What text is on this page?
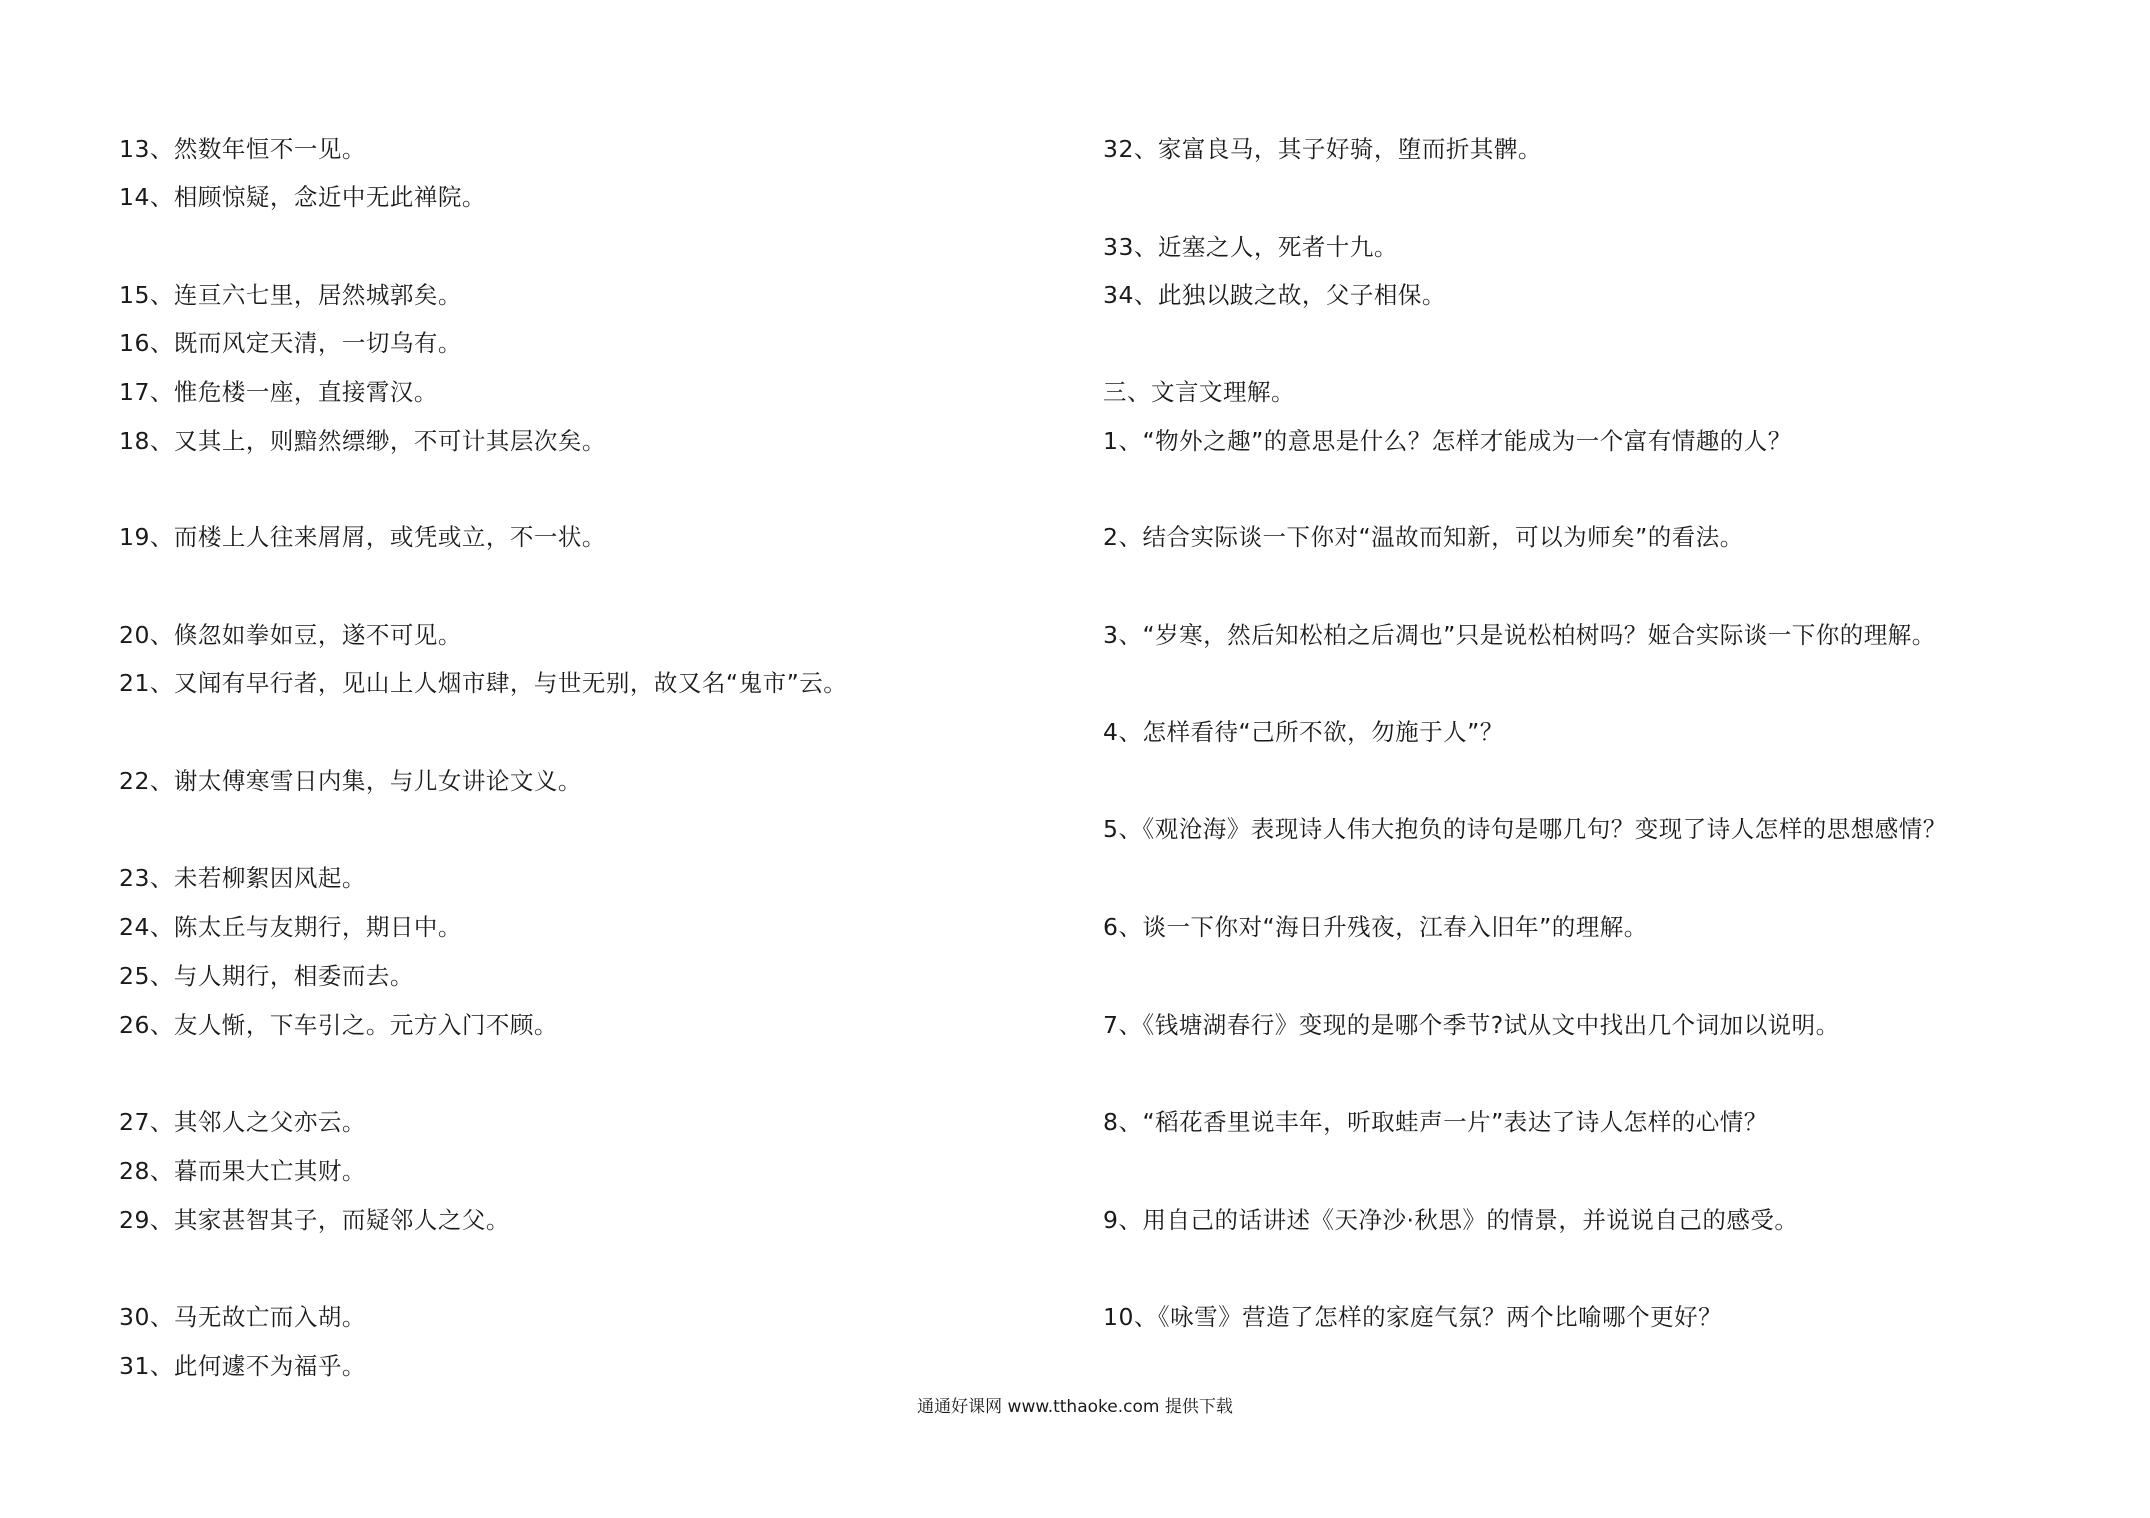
13、然数年恒不一见。
14、相顾惊疑，念近中无此禅院。
15、连亘六七里，居然城郭矣。
16、既而风定天清，一切乌有。
17、惟危楼一座，直接霄汉。
18、又其上，则黯然缥缈，不可计其层次矣。
19、而楼上人往来屑屑，或凭或立，不一状。
20、倏忽如拳如豆，遂不可见。
21、又闻有早行者，见山上人烟市肆，与世无别，故又名“鬼市”云。
22、谢太傅寒雪日内集，与儿女讲论文义。
23、未若柳絮因风起。
24、陈太丘与友期行，期日中。
25、与人期行，相委而去。
26、友人惭，下车引之。元方入门不顾。
27、其邻人之父亦云。
28、暮而果大亡其财。
29、其家甚智其子，而疑邻人之父。
30、马无故亡而入胡。
31、此何遽不为福乎。
32、家富良马，其子好骑，堕而折其髀。
33、近塞之人，死者十九。
34、此独以跛之故，父子相保。
三、文言文理解。
1、“物外之趣”的意思是什么？怎样才能成为一个富有情趣的人？
2、结合实际谈一下你对“温故而知新，可以为师矣”的看法。
3、“岁寒，然后知松柏之后凋也”只是说松柏树吗？姬合实际谈一下你的理解。
4、怎样看待“己所不欲，勿施于人”？
5、《观沧海》表现诗人伟大抱负的诗句是哪几句？变现了诗人怎样的思想感情？
6、谈一下你对“海日升残夜，江春入旧年”的理解。
7、《钱塘湖春行》变现的是哪个季节?试从文中找出几个词加以说明。
8、“稻花香里说丰年，听取蛙声一片”表达了诗人怎样的心情？
9、用自己的话讲述《天净沙·秋思》的情景，并说说自己的感受。
10、《咏雪》营造了怎样的家庭气氛？两个比喻哪个更好？
通通好课网 www.tthaoke.com 提供下载
